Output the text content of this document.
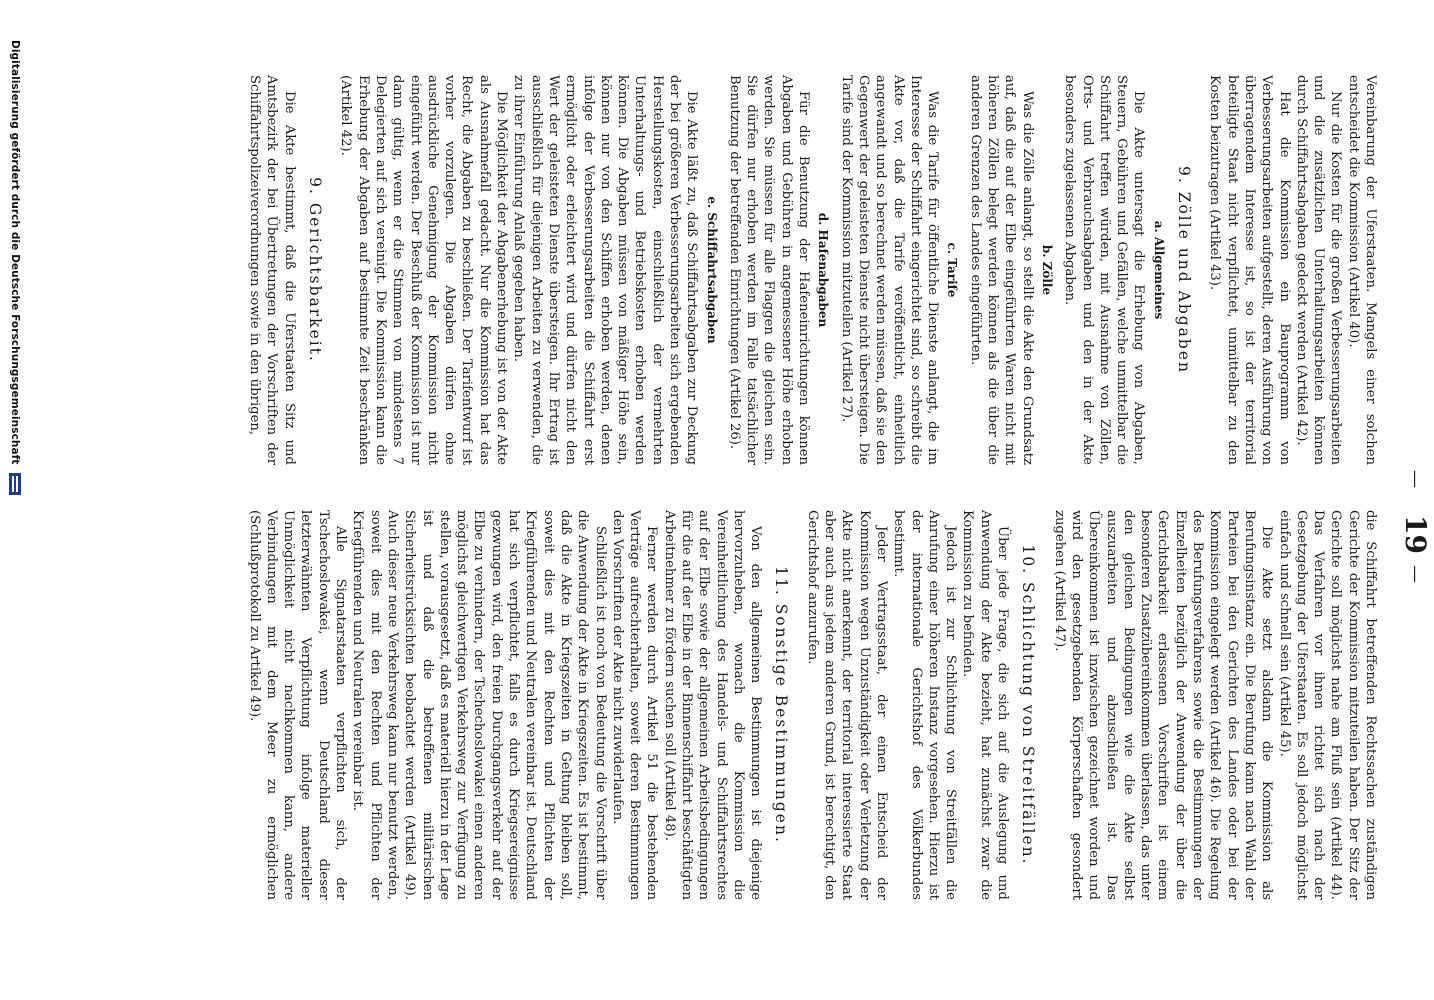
—
19
—

Vereinbarung der Uferstaaten. Mangels einer solchen entscheidet die Kommission (Artikel 40).

Nur die Kosten für die großen Verbesserungsarbeiten und die zusätzlichen Unterhaltungsarbeiten können durch Schiffahrtsabgaben gedeckt werden (Artikel 42).

Hat die Kommission ein Bauprogramm von Verbesserungsarbeiten aufgestellt, deren Ausführung von überragendem Interesse ist, so ist der territorial beteiligte Staat nicht verpflichtet, unmittelbar zu den Kosten beizutragen (Artikel 43).

9. Zölle und Abgaben
a. Allgemeines

Die Akte untersagt die Erhebung von Abgaben, Steuern, Gebühren und Gefällen, welche unmittelbar die Schiffahrt treffen würden, mit Ausnahme von Zöllen, Orts- und Verbrauchsabgaben und den in der Akte besonders zugelassenen Abgaben.

b. Zölle

Was die Zölle anlangt, so stellt die Akte den Grundsatz auf, daß die auf der Elbe eingeführten Waren nicht mit höheren Zöllen belegt werden können als die über die anderen Grenzen des Landes eingeführten.

c. Tarife

Was die Tarife für öffentliche Dienste anlangt, die im Interesse der Schiffahrt eingerichtet sind, so schreibt die Akte vor, daß die Tarife veröffentlicht, einheitlich angewandt und so berechnet werden müssen, daß sie den Gegenwert der geleisteten Dienste nicht übersteigen. Die Tarife sind der Kommission mitzuteilen (Artikel 27).

d. Hafenabgaben

Für die Benutzung der Hafeneinrichtungen können Abgaben und Gebühren in angemessener Höhe erhoben werden. Sie müssen für alle Flaggen die gleichen sein. Sie dürfen nur erhoben werden im Falle tatsächlicher Benutzung der betreffenden Einrichtungen (Artikel 26).

e. Schiffahrtsabgaben

Die Akte läßt zu, daß Schiffahrtsabgaben zur Deckung der bei größeren Verbesserungsarbeiten sich ergebenden Herstellungskosten, einschließlich der vermehrten Unterhaltungs- und Betriebskosten erhoben werden können. Die Abgaben müssen von mäßiger Höhe sein, können nur von den Schiffen erhoben werden, denen infolge der Verbesserungsarbeiten die Schiffahrt erst ermöglicht oder erleichtert wird und dürfen nicht den Wert der geleisteten Dienste übersteigen. Ihr Ertrag ist ausschließlich für diejenigen Arbeiten zu verwenden, die zu ihrer Einführung Anlaß gegeben haben.

Die Möglichkeit der Abgabenerhebung ist von der Akte als Ausnahmefall gedacht. Nur die Kommission hat das Recht, die Abgaben zu beschließen. Der Tarifentwurf ist vorher vorzulegen. Die Abgaben dürfen ohne ausdrückliche Genehmigung der Kommission nicht eingeführt werden. Der Beschluß der Kommission ist nur dann gültig, wenn er die Stimmen von mindestens 7 Delegierten auf sich vereinigt. Die Kommission kann die Erhebung der Abgaben auf bestimmte Zeit beschränken (Artikel 42).

9. Gerichtsbarkeit.

Die Akte bestimmt, daß die Uferstaaten Sitz und Amtsbezirk der bei Übertretungen der Vorschriften der Schiffahrtspolizeiverordnungen sowie in den übrigen,

die Schiffahrt betreffenden Rechtssachen zuständigen Gerichte der Kommission mitzuteilen haben. Der Sitz der Gerichte soll möglichst nahe am Fluß sein (Artikel 44). Das Verfahren vor ihnen richtet sich nach der Gesetzgebung der Uferstaaten. Es soll jedoch möglichst einfach und schnell sein (Artikel 45).

Die Akte setzt alsdann die Kommission als Berufungsinstanz ein. Die Berufung kann nach Wahl der Parteien bei den Gerichten des Landes oder bei der Kommission eingelegt werden (Artikel 46). Die Regelung des Berufungsverfahrens sowie die Bestimmungen der Einzelheiten bezüglich der Anwendung der über die Gerichtsbarkeit erlassenen Vorschriften ist einem besonderen Zusatzübereinkommen überlassen, das unter den gleichen Bedingungen wie die Akte selbst auszuarbeiten und abzuschließen ist. Das Übereinkommen ist inzwischen gezeichnet worden und wird den gesetzgebenden Körperschaften gesondert zugehen (Artikel 47).

10. Schlichtung von Streitfällen.

Über jede Frage, die sich auf die Auslegung und Anwendung der Akte bezieht, hat zunächst zwar die Kommission zu befinden.

Jedoch ist zur Schlichtung von Streitfällen die Anrufung einer höheren Instanz vorgesehen. Hierzu ist der internationale Gerichtshof des Völkerbundes bestimmt.

Jeder Vertragsstaat, der einen Entscheid der Kommission wegen Unzuständigkeit oder Verletzung der Akte nicht anerkennt, der territorial interessierte Staat aber auch aus jedem anderen Grund, ist berechtigt, den Gerichtshof anzurufen.

11. Sonstige Bestimmungen.

Von den allgemeinen Bestimmungen ist diejenige hervorzuheben, wonach die Kommission die Vereinheitlichung des Handels- und Schiffahrtsrechtes auf der Elbe sowie der allgemeinen Arbeitsbedingungen für die auf der Elbe in der Binnenschiffahrt beschäftigten Arbeitnehmer zu fördern suchen soll (Artikel 48).

Ferner werden durch Artikel 51 die bestehenden Verträge aufrechterhalten, soweit deren Bestimmungen den Vorschriften der Akte nicht zuwiderlaufen.

Schließlich ist noch von Bedeutung die Vorschrift über die Anwendung der Akte in Kriegszeiten. Es ist bestimmt, daß die Akte in Kriegszeiten in Geltung bleiben soll, soweit dies mit den Rechten und Pflichten der Kriegführenden und Neutralen vereinbar ist. Deutschland hat sich verpflichtet, falls es durch Kriegsereignisse gezwungen wird, den freien Durchgangsverkehr auf der Elbe zu verhindern, der Tschechoslowakei einen anderen möglichst gleichwertigen Verkehrsweg zur Verfügung zu stellen, vorausgesetzt, daß es materiell hierzu in der Lage ist und daß die betroffenen militärischen Sicherheitsrücksichten beobachtet werden (Artikel 49). Auch dieser neue Verkehrsweg kann nur benutzt werden, soweit dies mit den Rechten und Pflichten der Kriegführenden und Neutralen vereinbar ist.

Alle Signatarstaaten verpflichten sich, der Tschechoslowakei, wenn Deutschland dieser letzterwähnten Verpflichtung infolge materieller Unmöglichkeit nicht nachkommen kann, andere Verbindungen mit dem Meer zu ermöglichen (Schlußprotokoll zu Artikel 49).

Digitalisierung gefördert durch die Deutsche Forschungsgemeinschaft
